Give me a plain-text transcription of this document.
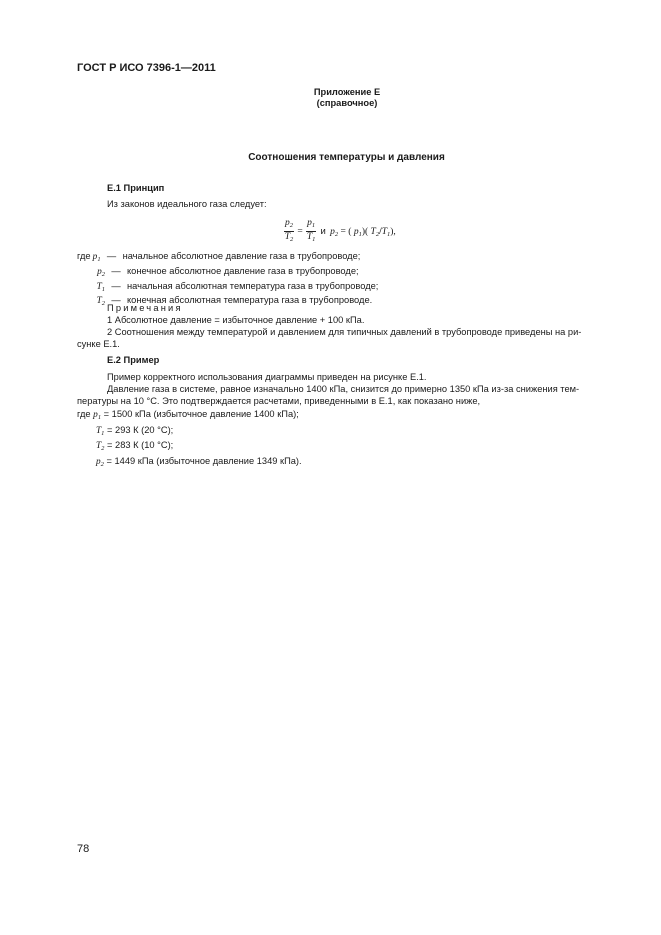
ГОСТ Р ИСО 7396-1—2011
Приложение Е
(справочное)
Соотношения температуры и давления
Е.1 Принцип
Из законов идеального газа следует:
$\frac{p_2}{T_2} = \frac{p_1}{T_1}$ и $p_2$ = ( $p_1$)( $T_2/T_1$),
где $p_1$ — начальное абсолютное давление газа в трубопроводе;
$p_2$ — конечное абсолютное давление газа в трубопроводе;
$T_1$ — начальная абсолютная температура газа в трубопроводе;
$T_2$ — конечная абсолютная температура газа в трубопроводе.
Примечания
1 Абсолютное давление = избыточное давление + 100 кПа.
2 Соотношения между температурой и давлением для типичных давлений в трубопроводе приведены на ри-
сунке Е.1.
Е.2 Пример
Пример корректного использования диаграммы приведен на рисунке Е.1.
Давление газа в системе, равное изначально 1400 кПа, снизится до примерно 1350 кПа из-за снижения тем-
пературы на 10 °С. Это подтверждается расчетами, приведенными в Е.1, как показано ниже,
где $p_1 = 1500$ кПа (избыточное давление 1400 кПа);
$T_1 = 293$ К (20 °С);
$T_2 = 283$ К (10 °С);
$p_2 = 1449$ кПа (избыточное давление 1349 кПа).
78
